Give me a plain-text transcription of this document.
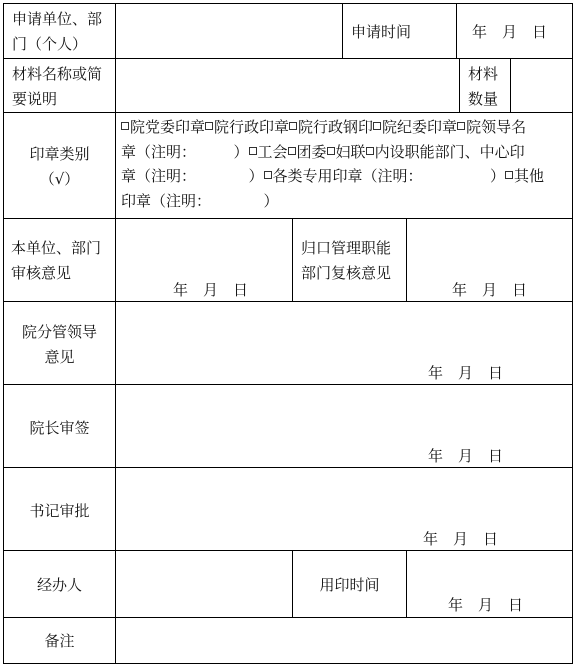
申请单位、部
门（个人）
申请时间	年　月　日
材料名称或简
要说明
材料
数量
印章类别
（√）
院党委印章 院行政印章 院行政钢印 院纪委印章 院领导名
章（注明：　　　） 工会 团委 妇联 内设职能部门、中心印
章（注明：　　　　） 各类专用印章（注明：　　　　　） 其他
印章（注明：　　　　）
本单位、部门
审核意见
年　月　日
归口管理职能
部门复核意见
年　月　日
院分管领导
意见
年　月　日
院长审签
年　月　日
书记审批
年　月　日
经办人	用印时间
年　月　日
备注
